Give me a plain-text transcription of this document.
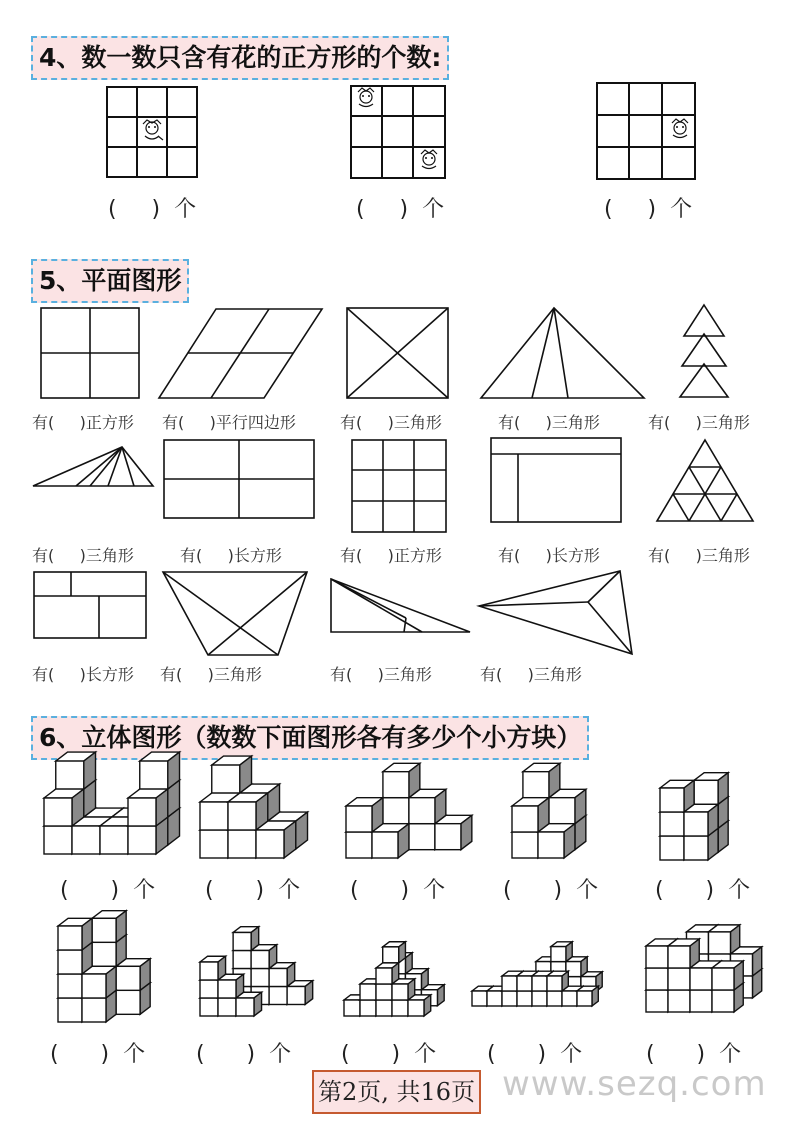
4、数一数只含有花的正方形的个数:
(     )  个	(     )  个	(     )  个
5、平面图形
有(     )正方形 有(     )平行四边形	有(     )三角形	有(     )三角形	有(     )三角形
有(     )三角形	有(     )长方形	有(     )正方形	有(     )长方形	有(     )三角形
有(     )长方形 有(     )三角形	有(     )三角形	有(     )三角形
6、立体图形（数数下面图形各有多少个小方块）
(      )  个 (      )  个 (      )  个	(      )  个	(      )  个
(      )  个 (      )  个 (      )  个 (      )  个	(      )  个
第2页, 共16页 www.sezq.com
